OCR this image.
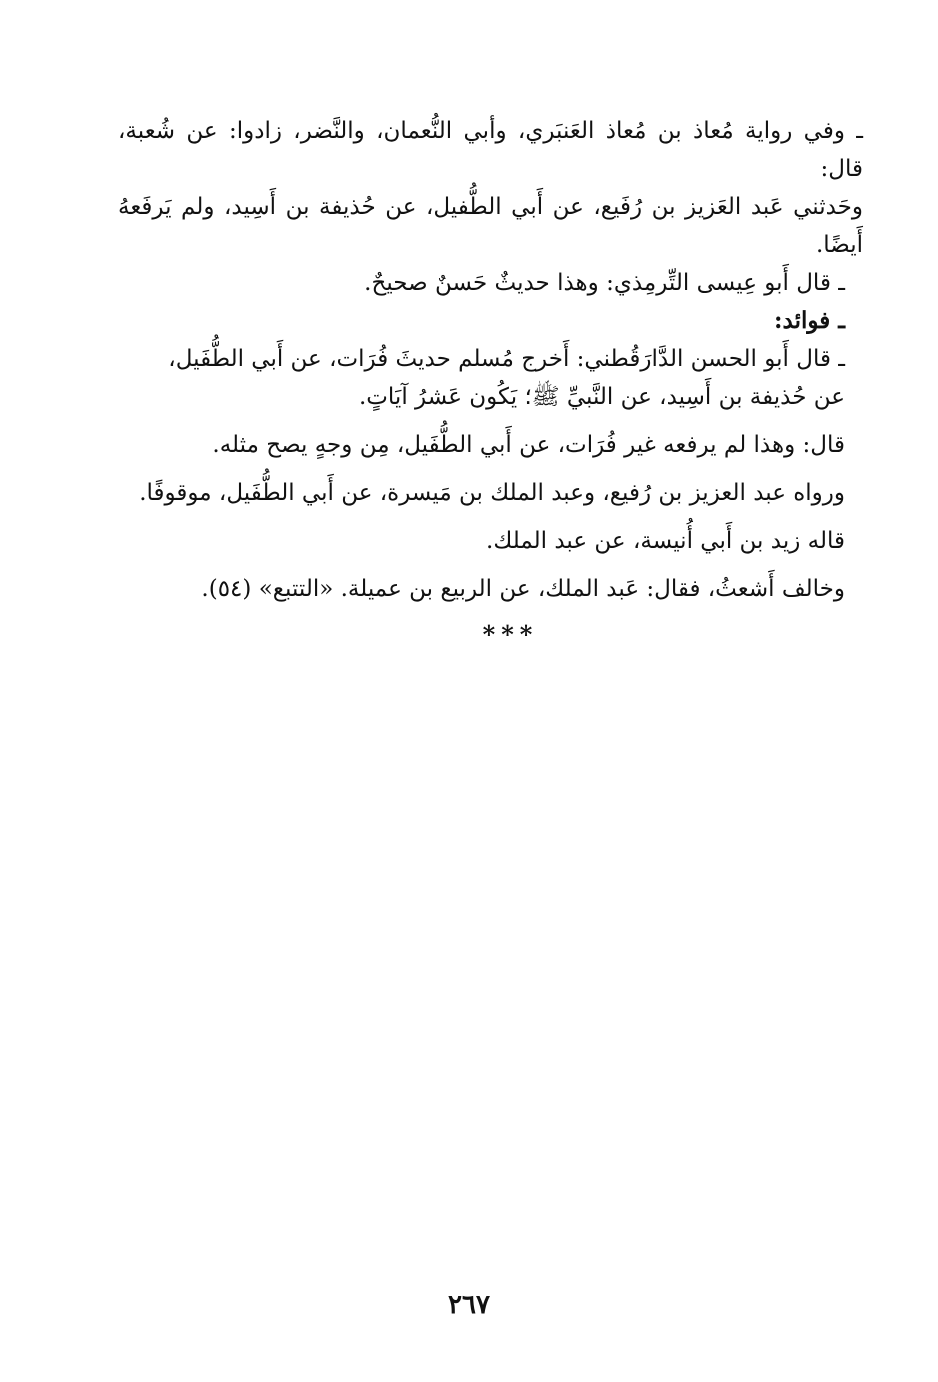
ـ وفي رواية مُعاذ بن مُعاذ العَنبَري، وأبي النُّعمان، والنَّضر، زادوا: عن شُعبة، قال:
وحَدثني عَبد العَزيز بن رُفَيع، عن أَبي الطُّفيل، عن حُذيفة بن أَسِيد، ولم يَرفَعهُ أَيضًا.

ـ قال أَبو عِيسى التِّرمِذي: وهذا حديثٌ حَسنٌ صحيحٌ.

ـ فوائد:

ـ قال أَبو الحسن الدَّارَقُطني: أَخرج مُسلم حديثَ فُرَات، عن أَبي الطُّفَيل،
عن حُذيفة بن أَسِيد، عن النَّبيِّ ﷺ؛ يَكُون عَشرُ آيَاتٍ.

قال: وهذا لم يرفعه غير فُرَات، عن أَبي الطُّفَيل، مِن وجهٍ يصح مثله.

ورواه عبد العزيز بن رُفيع، وعبد الملك بن مَيسرة، عن أَبي الطُّفَيل، موقوفًا.

قاله زيد بن أَبي أُنيسة، عن عبد الملك.

وخالف أَشعثُ، فقال: عَبد الملك، عن الربيع بن عميلة. «التتبع» (٥٤).

***
٢٦٧
